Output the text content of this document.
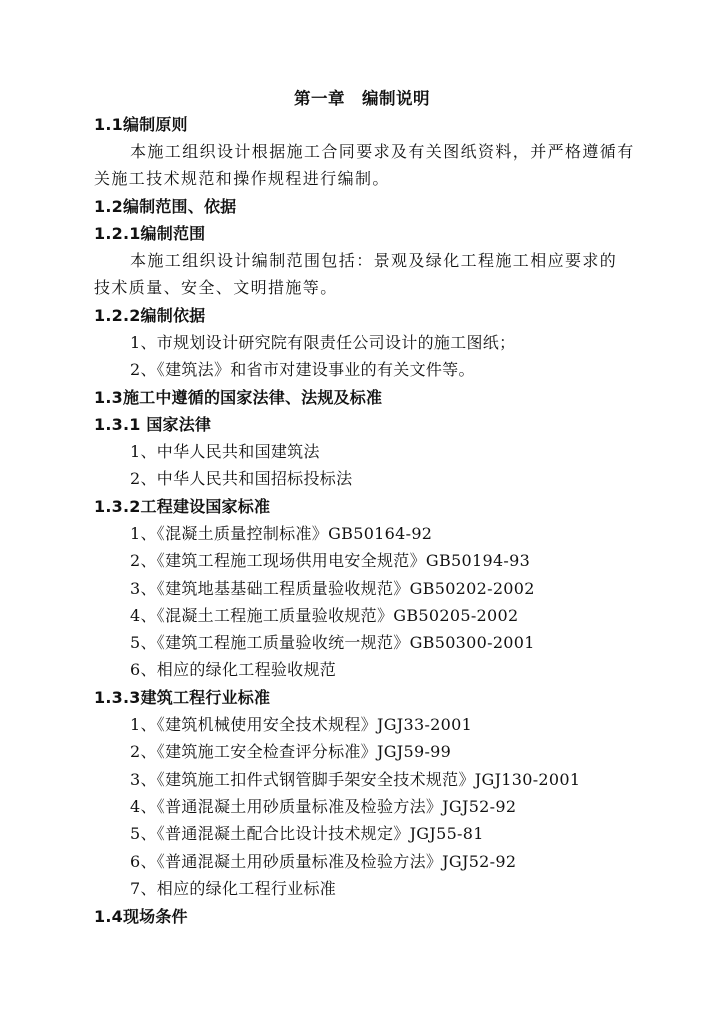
第一章　编制说明
1.1编制原则
本施工组织设计根据施工合同要求及有关图纸资料，并严格遵循有
关施工技术规范和操作规程进行编制。
1.2编制范围、依据
1.2.1编制范围
本施工组织设计编制范围包括：景观及绿化工程施工相应要求的
技术质量、安全、文明措施等。
1.2.2编制依据
1、市规划设计研究院有限责任公司设计的施工图纸；
2、《建筑法》和省市对建设事业的有关文件等。
1.3施工中遵循的国家法律、法规及标准
1.3.1 国家法律
1、中华人民共和国建筑法
2、中华人民共和国招标投标法
1.3.2工程建设国家标准
1、《混凝土质量控制标准》GB50164-92
2、《建筑工程施工现场供用电安全规范》GB50194-93
3、《建筑地基基础工程质量验收规范》GB50202-2002
4、《混凝土工程施工质量验收规范》GB50205-2002
5、《建筑工程施工质量验收统一规范》GB50300-2001
6、相应的绿化工程验收规范
1.3.3建筑工程行业标准
1、《建筑机械使用安全技术规程》JGJ33-2001
2、《建筑施工安全检查评分标准》JGJ59-99
3、《建筑施工扣件式钢管脚手架安全技术规范》JGJ130-2001
4、《普通混凝土用砂质量标准及检验方法》JGJ52-92
5、《普通混凝土配合比设计技术规定》JGJ55-81
6、《普通混凝土用砂质量标准及检验方法》JGJ52-92
7、相应的绿化工程行业标准
1.4现场条件
